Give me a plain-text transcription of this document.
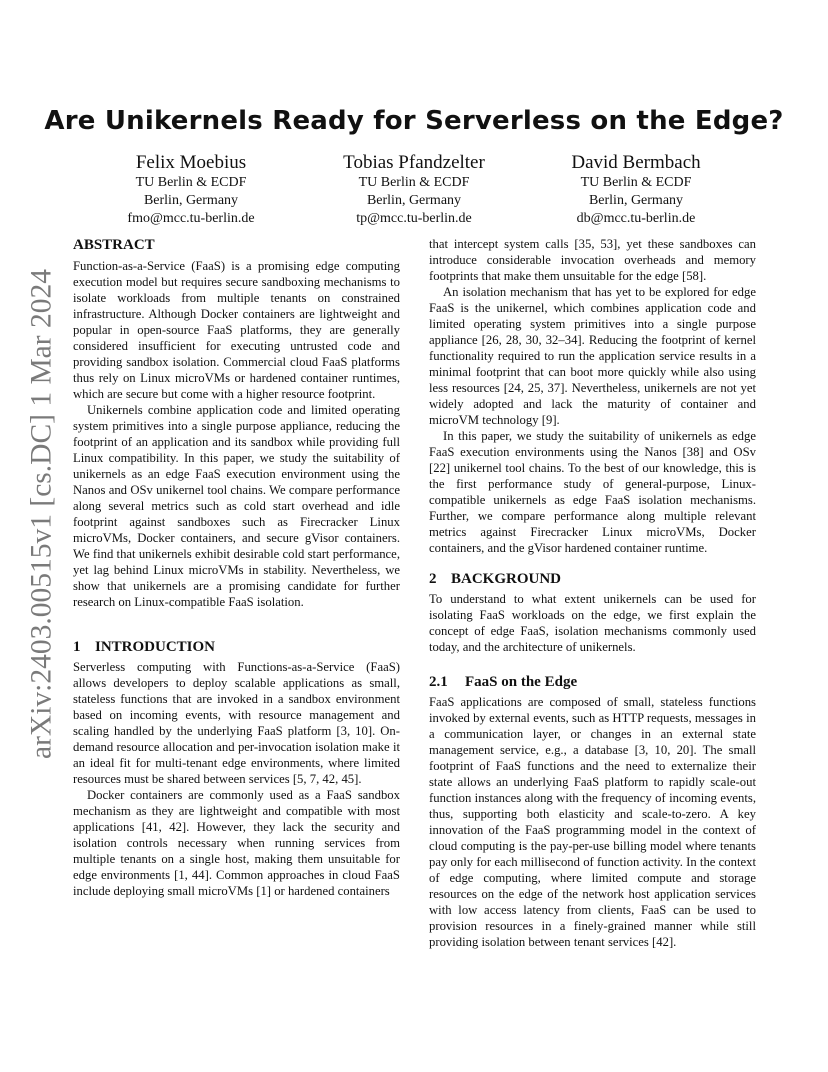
Are Unikernels Ready for Serverless on the Edge?
Felix Moebius
TU Berlin & ECDF
Berlin, Germany
fmo@mcc.tu-berlin.de
Tobias Pfandzelter
TU Berlin & ECDF
Berlin, Germany
tp@mcc.tu-berlin.de
David Bermbach
TU Berlin & ECDF
Berlin, Germany
db@mcc.tu-berlin.de
arXiv:2403.00515v1 [cs.DC] 1 Mar 2024
ABSTRACT

Function-as-a-Service (FaaS) is a promising edge computing execution model but requires secure sandboxing mechanisms to isolate workloads from multiple tenants on constrained infrastructure. Although Docker containers are lightweight and popular in open-source FaaS platforms, they are generally considered insufficient for executing untrusted code and providing sandbox isolation. Commercial cloud FaaS platforms thus rely on Linux microVMs or hardened container runtimes, which are secure but come with a higher resource footprint.

Unikernels combine application code and limited operating system primitives into a single purpose appliance, reducing the footprint of an application and its sandbox while providing full Linux compatibility. In this paper, we study the suitability of unikernels as an edge FaaS execution environment using the Nanos and OSv unikernel tool chains. We compare performance along several metrics such as cold start overhead and idle footprint against sandboxes such as Firecracker Linux microVMs, Docker containers, and secure gVisor containers. We find that unikernels exhibit desirable cold start performance, yet lag behind Linux microVMs in stability. Nevertheless, we show that unikernels are a promising candidate for further research on Linux-compatible FaaS isolation.

1 INTRODUCTION

Serverless computing with Functions-as-a-Service (FaaS) allows developers to deploy scalable applications as small, stateless functions that are invoked in a sandbox environment based on incoming events, with resource management and scaling handled by the underlying FaaS platform [3, 10]. On-demand resource allocation and per-invocation isolation make it an ideal fit for multi-tenant edge environments, where limited resources must be shared between services [5, 7, 42, 45].

Docker containers are commonly used as a FaaS sandbox mechanism as they are lightweight and compatible with most applications [41, 42]. However, they lack the security and isolation controls necessary when running services from multiple tenants on a single host, making them unsuitable for edge environments [1, 44]. Common approaches in cloud FaaS include deploying small microVMs [1] or hardened containers

that intercept system calls [35, 53], yet these sandboxes can introduce considerable invocation overheads and memory footprints that make them unsuitable for the edge [58].

An isolation mechanism that has yet to be explored for edge FaaS is the unikernel, which combines application code and limited operating system primitives into a single purpose appliance [26, 28, 30, 32–34]. Reducing the footprint of kernel functionality required to run the application service results in a minimal footprint that can boot more quickly while also using less resources [24, 25, 37]. Nevertheless, unikernels are not yet widely adopted and lack the maturity of container and microVM technology [9].

In this paper, we study the suitability of unikernels as edge FaaS execution environments using the Nanos [38] and OSv [22] unikernel tool chains. To the best of our knowledge, this is the first performance study of general-purpose, Linux-compatible unikernels as edge FaaS isolation mechanisms. Further, we compare performance along multiple relevant metrics against Firecracker Linux microVMs, Docker containers, and the gVisor hardened container runtime.

2 BACKGROUND

To understand to what extent unikernels can be used for isolating FaaS workloads on the edge, we first explain the concept of edge FaaS, isolation mechanisms commonly used today, and the architecture of unikernels.

2.1 FaaS on the Edge

FaaS applications are composed of small, stateless functions invoked by external events, such as HTTP requests, messages in a communication layer, or changes in an external state management service, e.g., a database [3, 10, 20]. The small footprint of FaaS functions and the need to externalize their state allows an underlying FaaS platform to rapidly scale-out function instances along with the frequency of incoming events, thus, supporting both elasticity and scale-to-zero. A key innovation of the FaaS programming model in the context of cloud computing is the pay-per-use billing model where tenants pay only for each millisecond of function activity. In the context of edge computing, where limited compute and storage resources on the edge of the network host application services with low access latency from clients, FaaS can be used to provision resources in a finely-grained manner while still providing isolation between tenant services [42].
